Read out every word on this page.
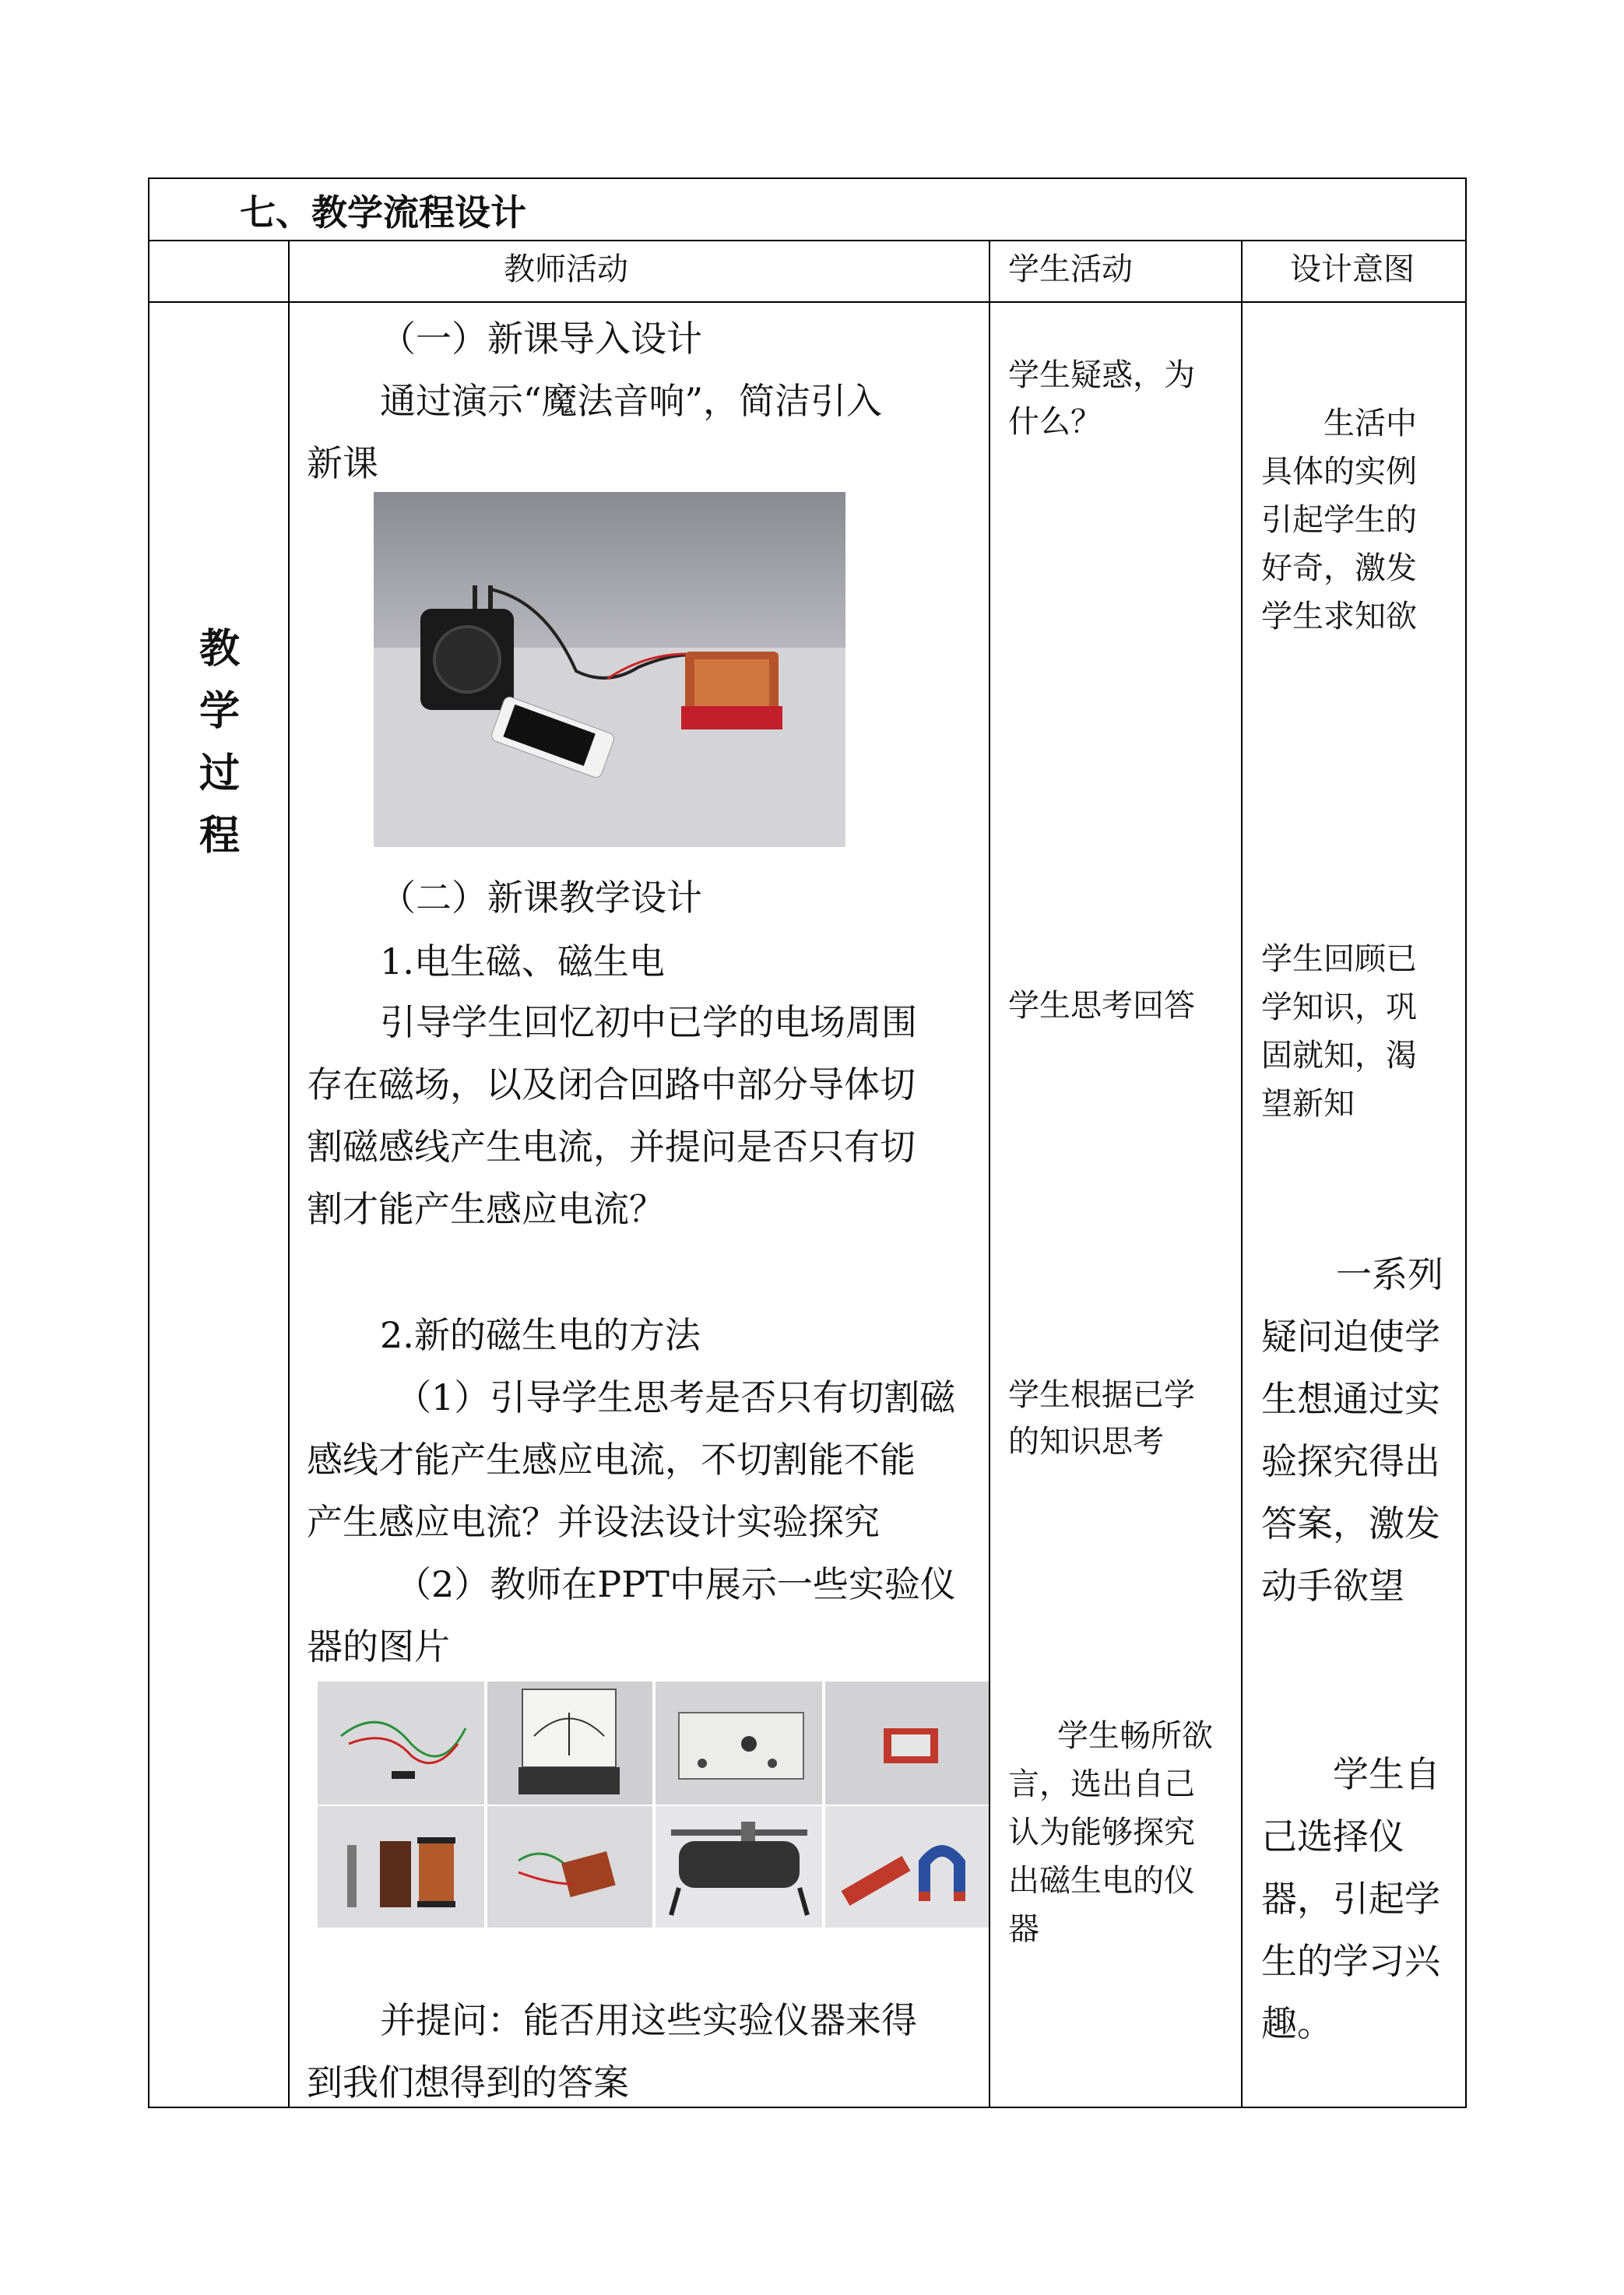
七、教学流程设计
教师活动	学生活动	设计意图
教
学
过
程
（一）新课导入设计
通过演示“魔法音响”，简洁引入
新课
（二）新课教学设计
1.电生磁、磁生电
引导学生回忆初中已学的电场周围
存在磁场，以及闭合回路中部分导体切
割磁感线产生电流，并提问是否只有切
割才能产生感应电流？
2.新的磁生电的方法
（1）引导学生思考是否只有切割磁
感线才能产生感应电流，不切割能不能
产生感应电流？并设法设计实验探究
（2）教师在PPT中展示一些实验仪
器的图片
并提问：能否用这些实验仪器来得
到我们想得到的答案
学生疑惑，为
什么？
学生思考回答
学生根据已学
的知识思考
学生畅所欲
言，选出自己
认为能够探究
出磁生电的仪
器
生活中
具体的实例
引起学生的
好奇，激发
学生求知欲
学生回顾已
学知识，巩
固就知，渴
望新知
一系列
疑问迫使学
生想通过实
验探究得出
答案，激发
动手欲望
学生自
己选择仪
器，引起学
生的学习兴
趣。
